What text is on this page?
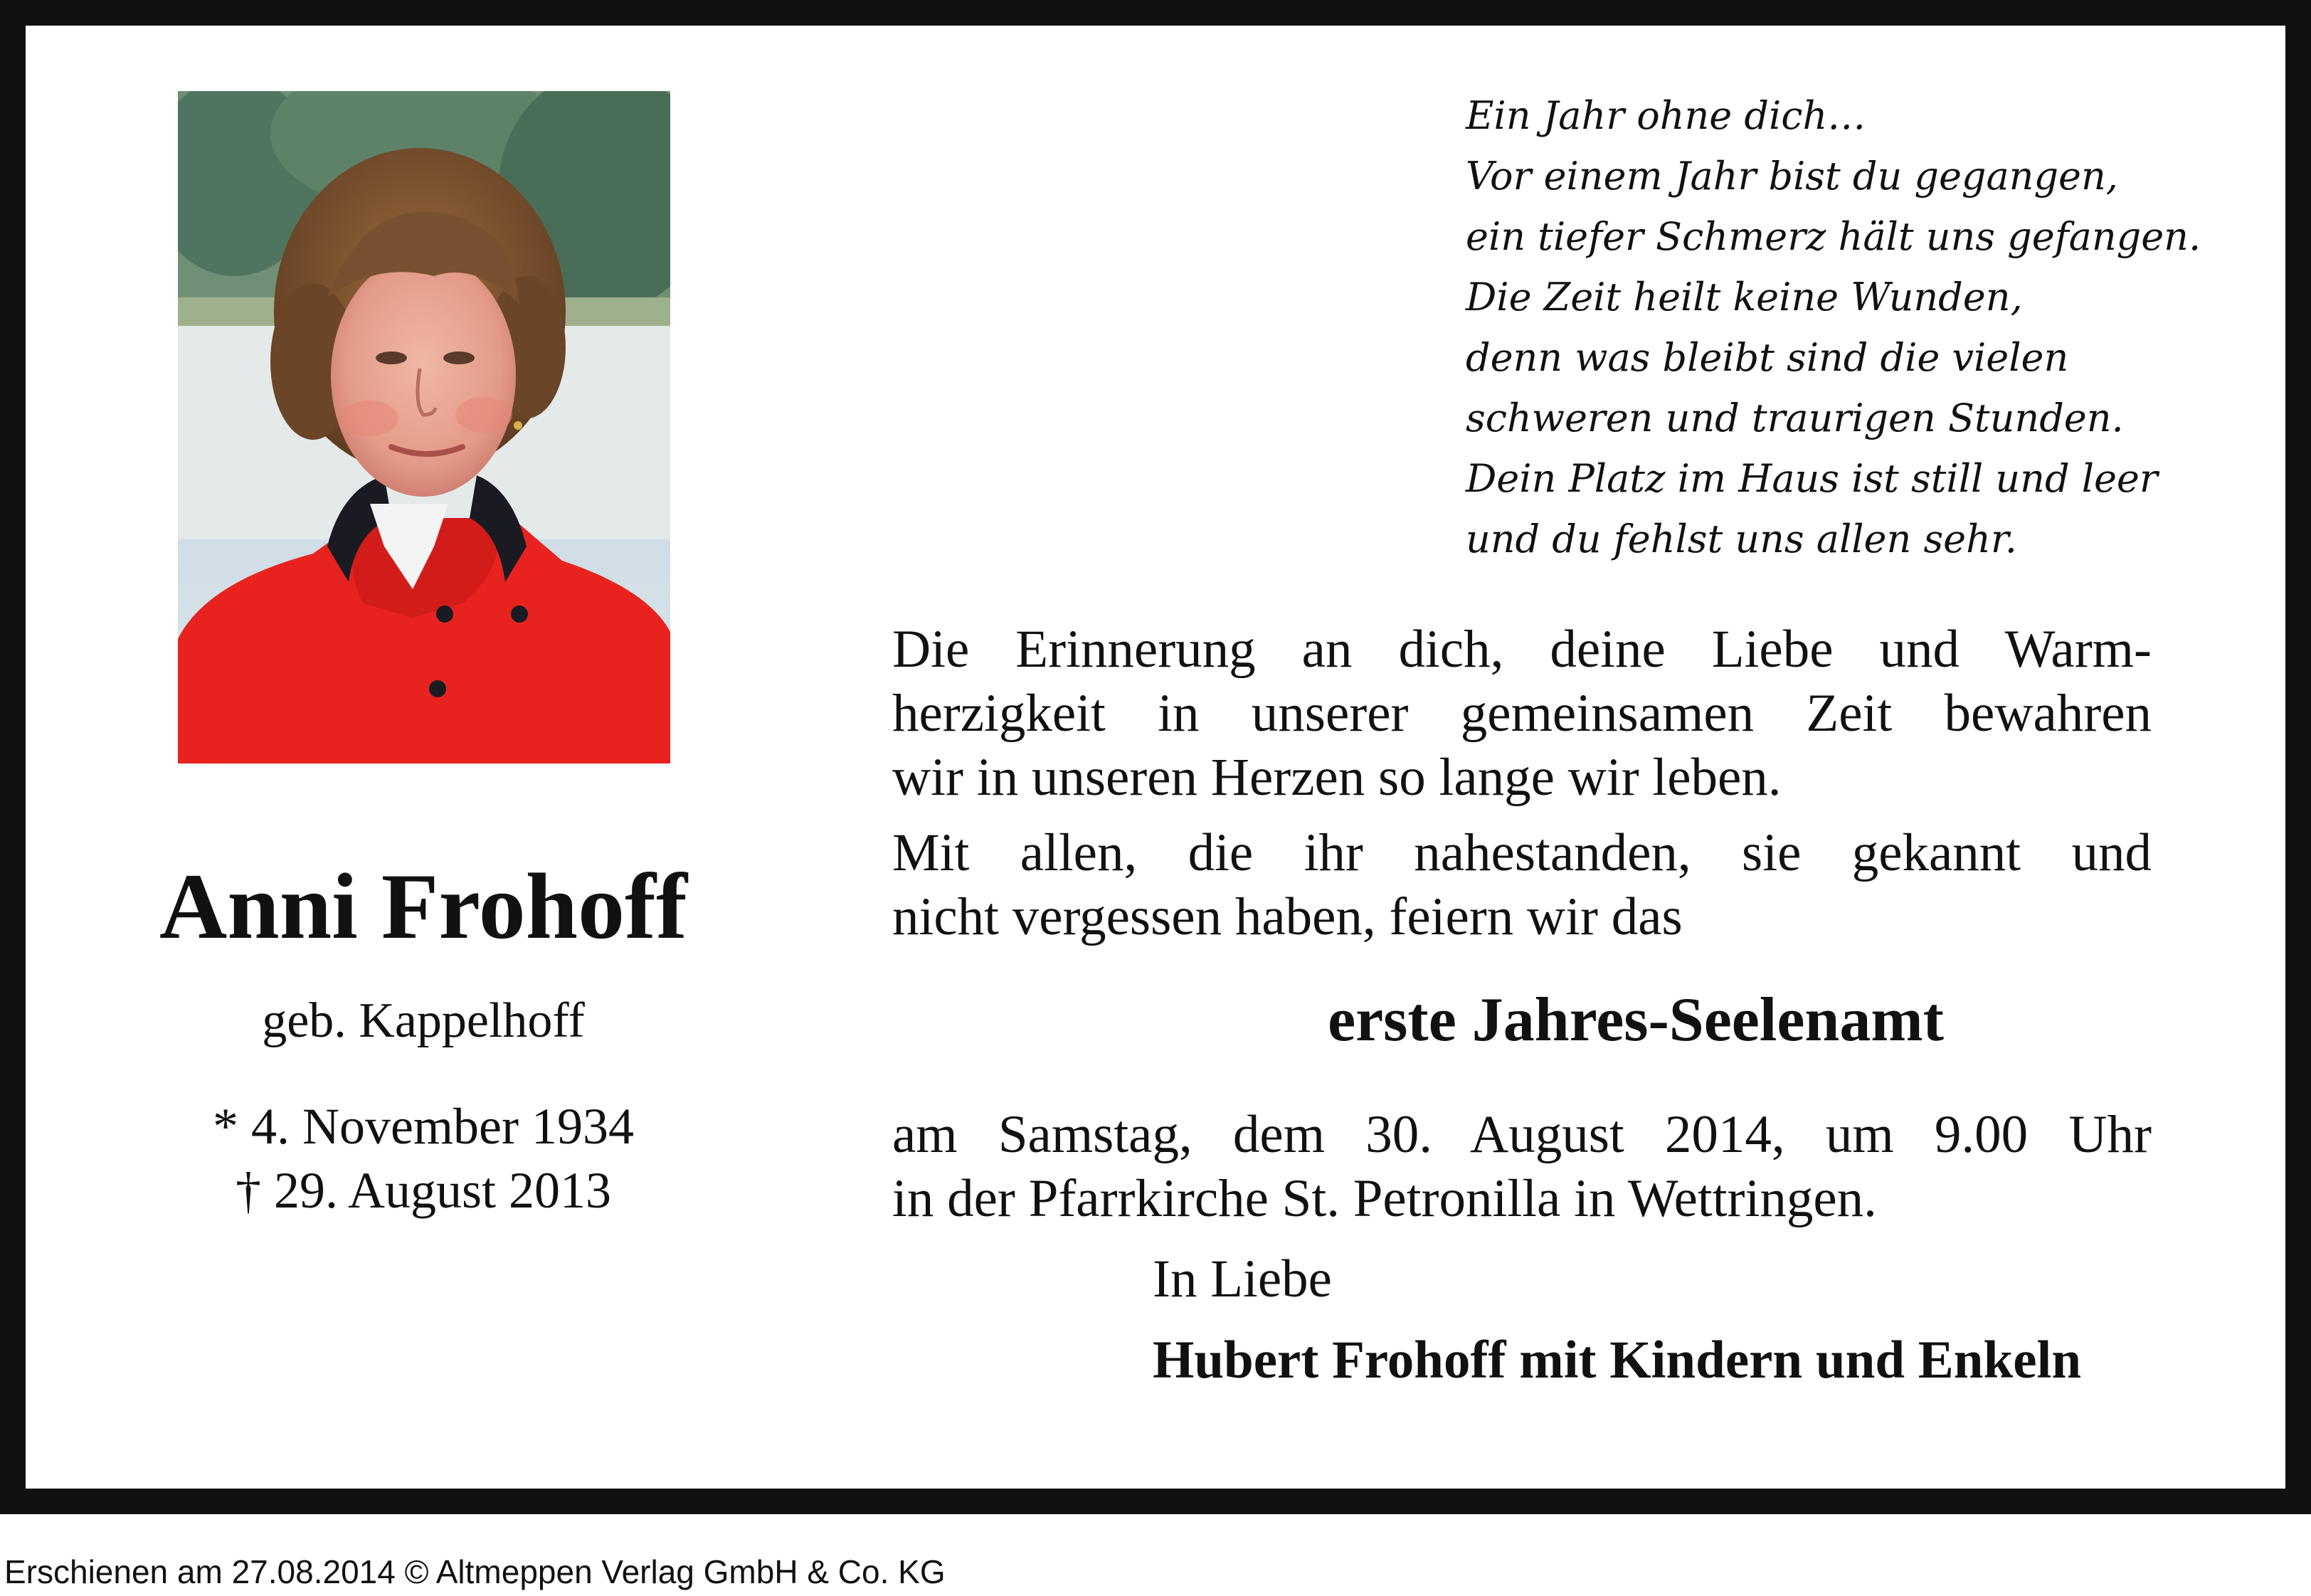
Anni Frohoff
geb. Kappelhoff
* 4. November 1934
† 29. August 2013
Ein Jahr ohne dich…
Vor einem Jahr bist du gegangen,
ein tiefer Schmerz hält uns gefangen.
Die Zeit heilt keine Wunden,
denn was bleibt sind die vielen
schweren und traurigen Stunden.
Dein Platz im Haus ist still und leer
und du fehlst uns allen sehr.
Die Erinnerung an dich, deine Liebe und Warm-
herzigkeit in unserer gemeinsamen Zeit bewahren
wir in unseren Herzen so lange wir leben.
Mit allen, die ihr nahestanden, sie gekannt und
nicht vergessen haben, feiern wir das
erste Jahres-Seelenamt
am Samstag, dem 30. August 2014, um 9.00 Uhr
in der Pfarrkirche St. Petronilla in Wettringen.
In Liebe
Hubert Frohoff mit Kindern und Enkeln
Erschienen am 27.08.2014 © Altmeppen Verlag GmbH & Co. KG
